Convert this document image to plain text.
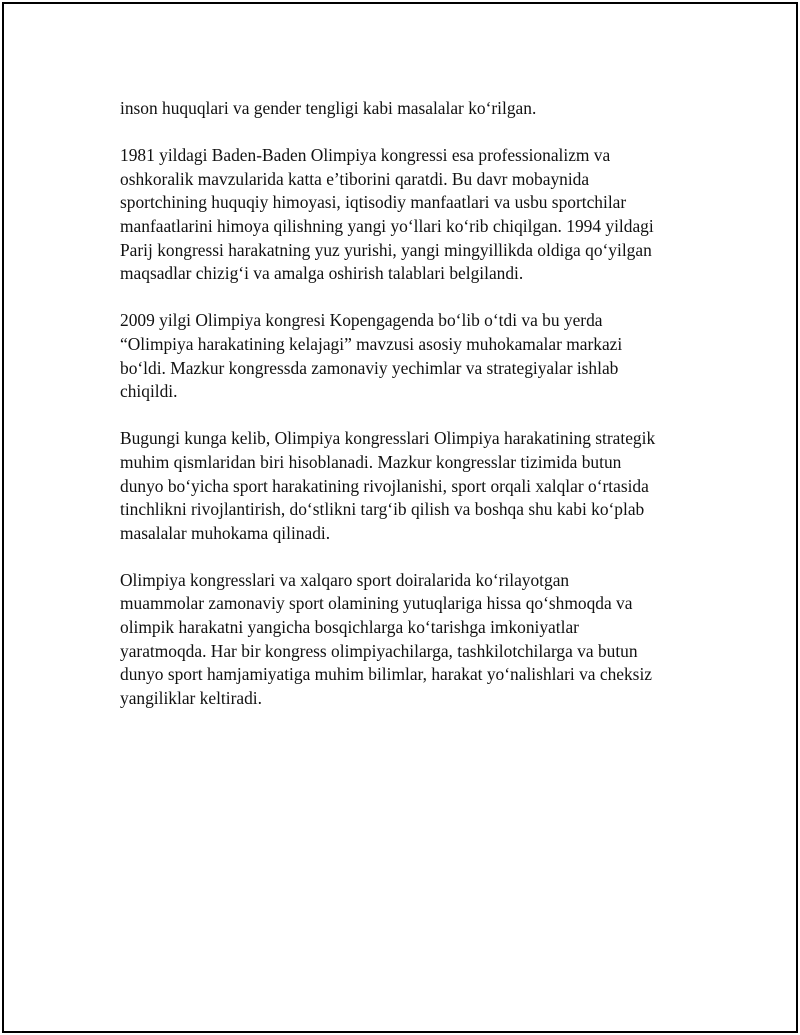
inson huquqlari va gender tengligi kabi masalalar ko‘rilgan.

1981 yildagi Baden-Baden Olimpiya kongressi esa professionalizm va
oshkoralik mavzularida katta e’tiborini qaratdi. Bu davr mobaynida
sportchining huquqiy himoyasi, iqtisodiy manfaatlari va usbu sportchilar
manfaatlarini himoya qilishning yangi yo‘llari ko‘rib chiqilgan. 1994 yildagi
Parij kongressi harakatning yuz yurishi, yangi mingyillikda oldiga qo‘yilgan
maqsadlar chizig‘i va amalga oshirish talablari belgilandi.

2009 yilgi Olimpiya kongresi Kopengagenda bo‘lib o‘tdi va bu yerda
“Olimpiya harakatining kelajagi” mavzusi asosiy muhokamalar markazi
bo‘ldi. Mazkur kongressda zamonaviy yechimlar va strategiyalar ishlab
chiqildi.

Bugungi kunga kelib, Olimpiya kongresslari Olimpiya harakatining strategik
muhim qismlaridan biri hisoblanadi. Mazkur kongresslar tizimida butun
dunyo bo‘yicha sport harakatining rivojlanishi, sport orqali xalqlar o‘rtasida
tinchlikni rivojlantirish, do‘stlikni targ‘ib qilish va boshqa shu kabi ko‘plab
masalalar muhokama qilinadi.

Olimpiya kongresslari va xalqaro sport doiralarida ko‘rilayotgan
muammolar zamonaviy sport olamining yutuqlariga hissa qo‘shmoqda va
olimpik harakatni yangicha bosqichlarga ko‘tarishga imkoniyatlar
yaratmoqda. Har bir kongress olimpiyachilarga, tashkilotchilarga va butun
dunyo sport hamjamiyatiga muhim bilimlar, harakat yo‘nalishlari va cheksiz
yangiliklar keltiradi.
